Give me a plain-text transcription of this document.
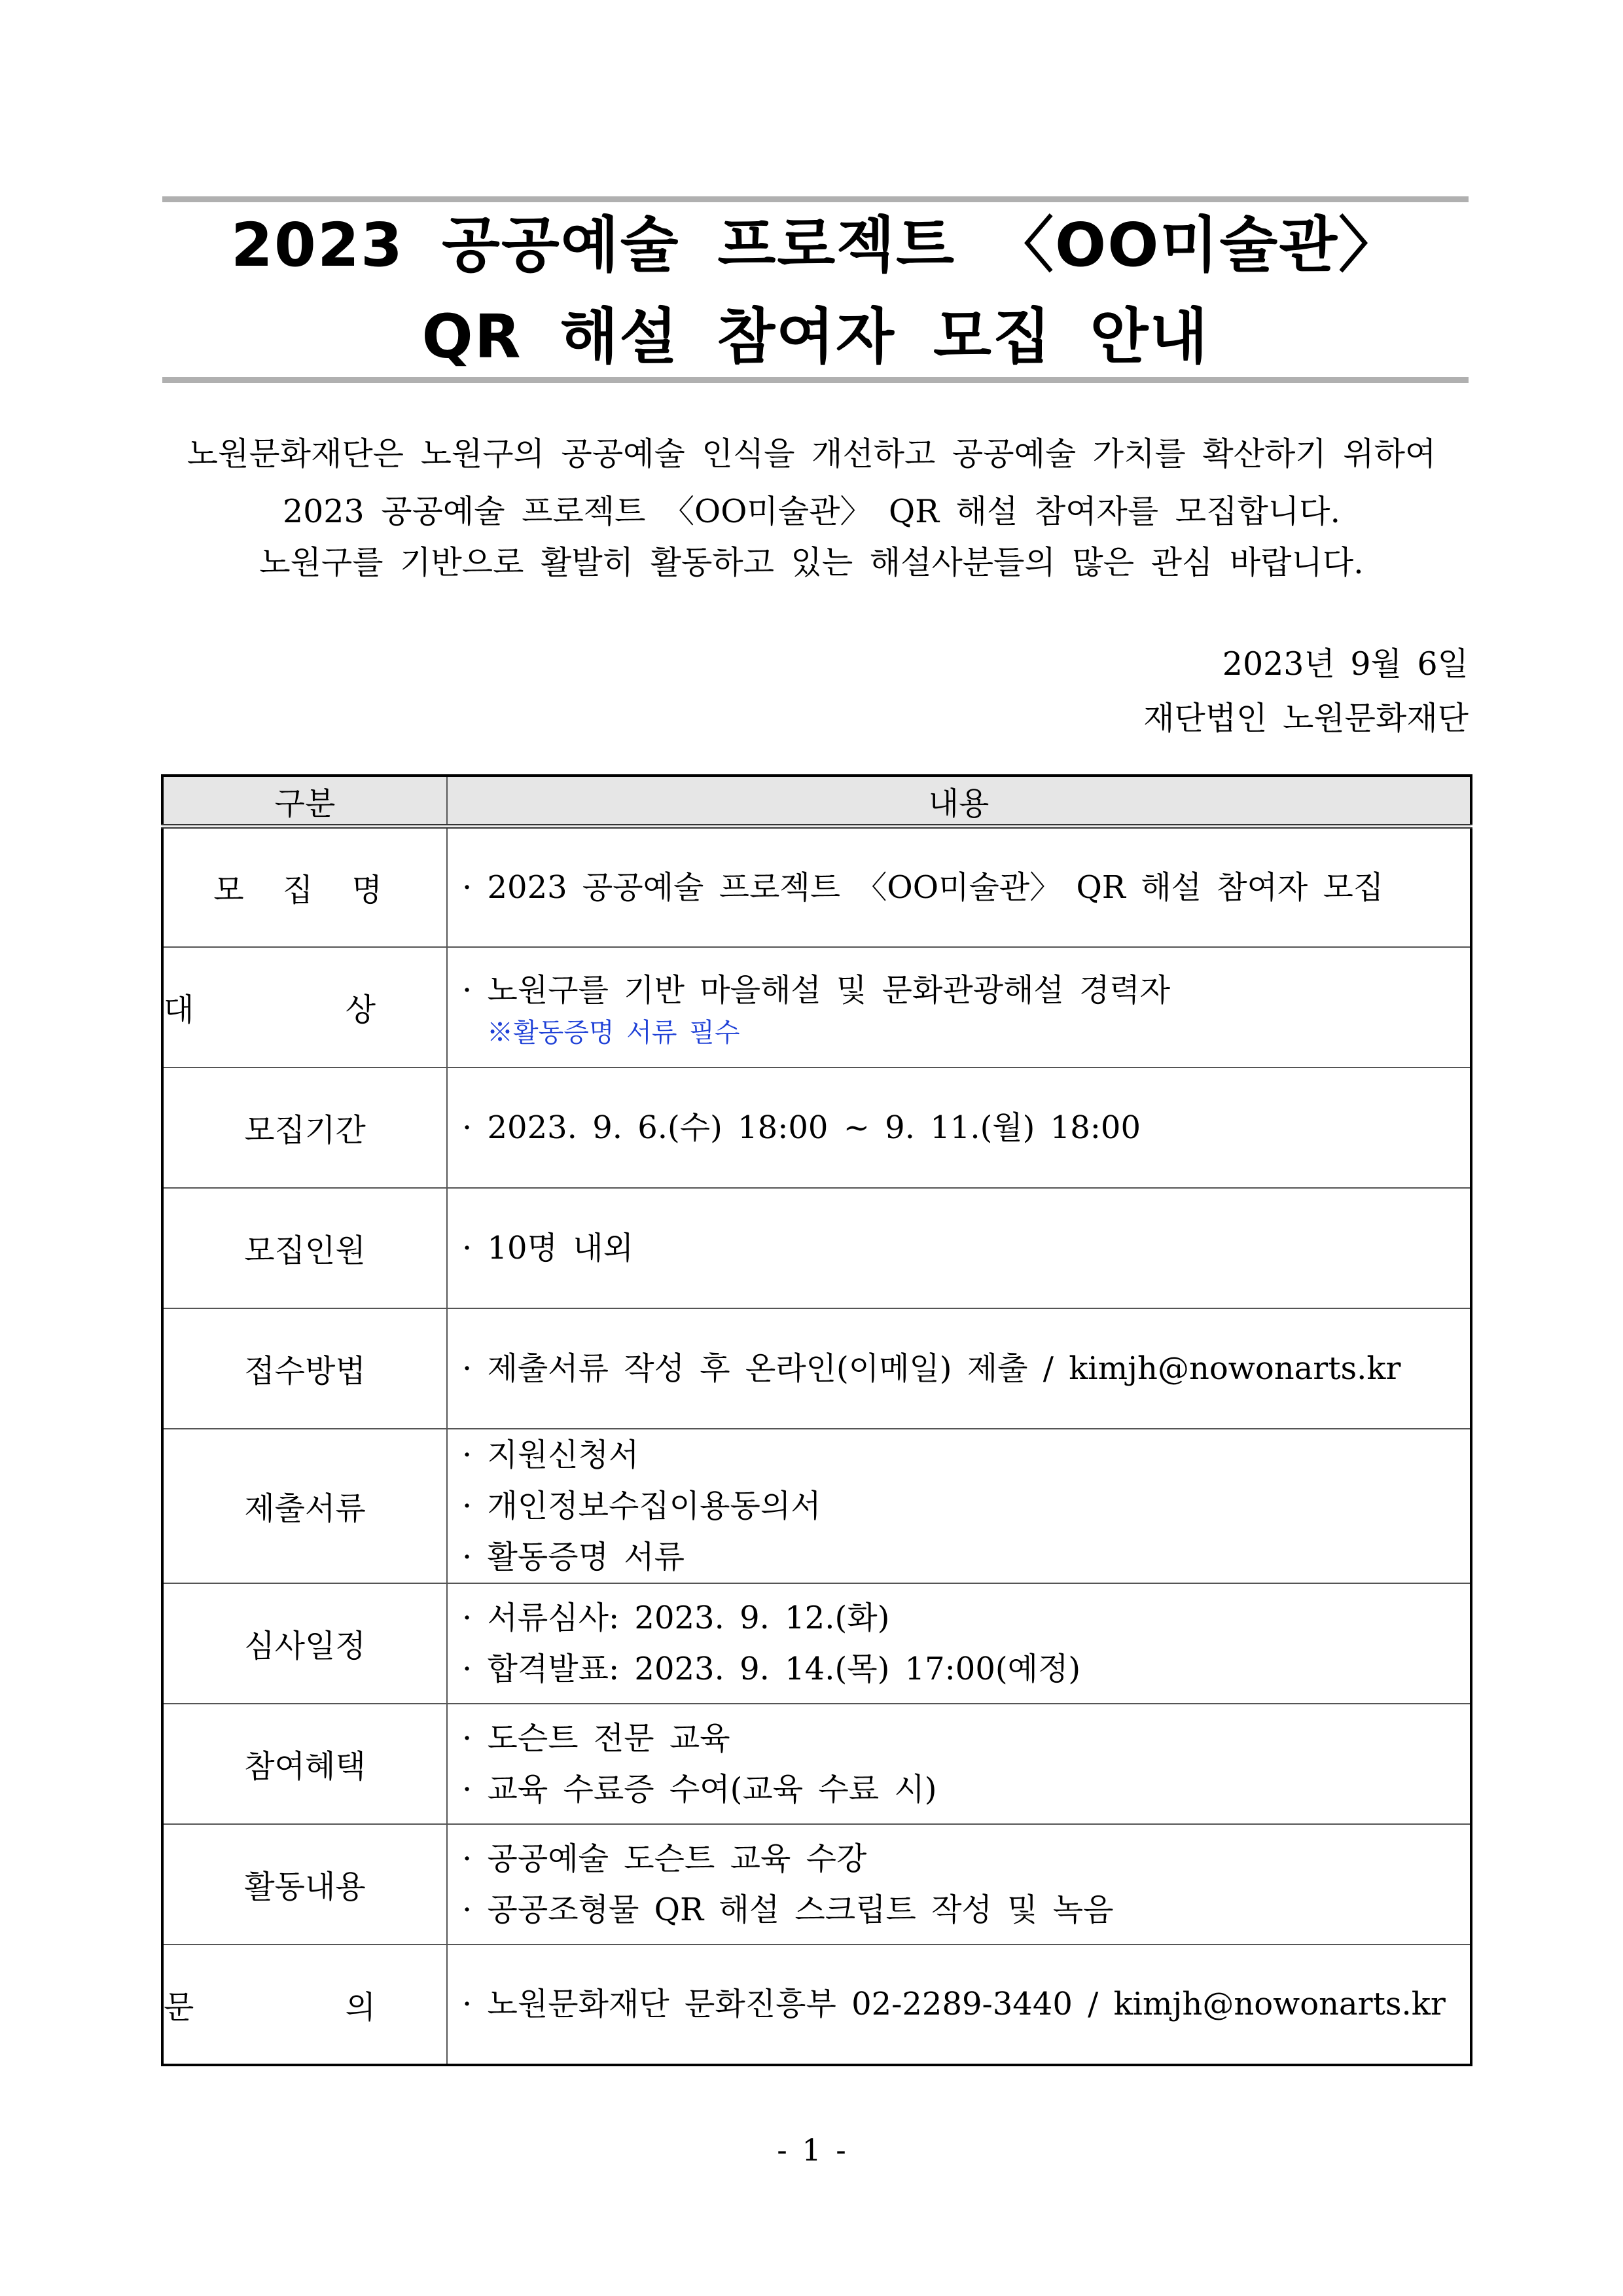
2023 공공예술 프로젝트 〈OO미술관〉
QR 해설 참여자 모집 안내
노원문화재단은 노원구의 공공예술 인식을 개선하고 공공예술 가치를 확산하기 위하여
2023 공공예술 프로젝트 〈OO미술관〉 QR 해설 참여자를 모집합니다.
노원구를 기반으로 활발히 활동하고 있는 해설사분들의 많은 관심 바랍니다.
2023년 9월 6일
재단법인 노원문화재단
구분	내용
모 집 명	· 2023 공공예술 프로젝트 〈OO미술관〉 QR 해설 참여자 모집

대 상	· 노원구를 기반 마을해설 및 문화관광해설 경력자
※활동증명 서류 필수

모집기간	· 2023. 9. 6.(수) 18:00 ~ 9. 11.(월) 18:00

모집인원	· 10명 내외

접수방법	· 제출서류 작성 후 온라인(이메일) 제출 / kimjh@nowonarts.kr

제출서류	· 지원신청서
· 개인정보수집이용동의서
· 활동증명 서류

심사일정	· 서류심사: 2023. 9. 12.(화)
· 합격발표: 2023. 9. 14.(목) 17:00(예정)

참여혜택	· 도슨트 전문 교육
· 교육 수료증 수여(교육 수료 시)

활동내용	· 공공예술 도슨트 교육 수강
· 공공조형물 QR 해설 스크립트 작성 및 녹음

문 의	· 노원문화재단 문화진흥부 02-2289-3440 / kimjh@nowonarts.kr
- 1 -
